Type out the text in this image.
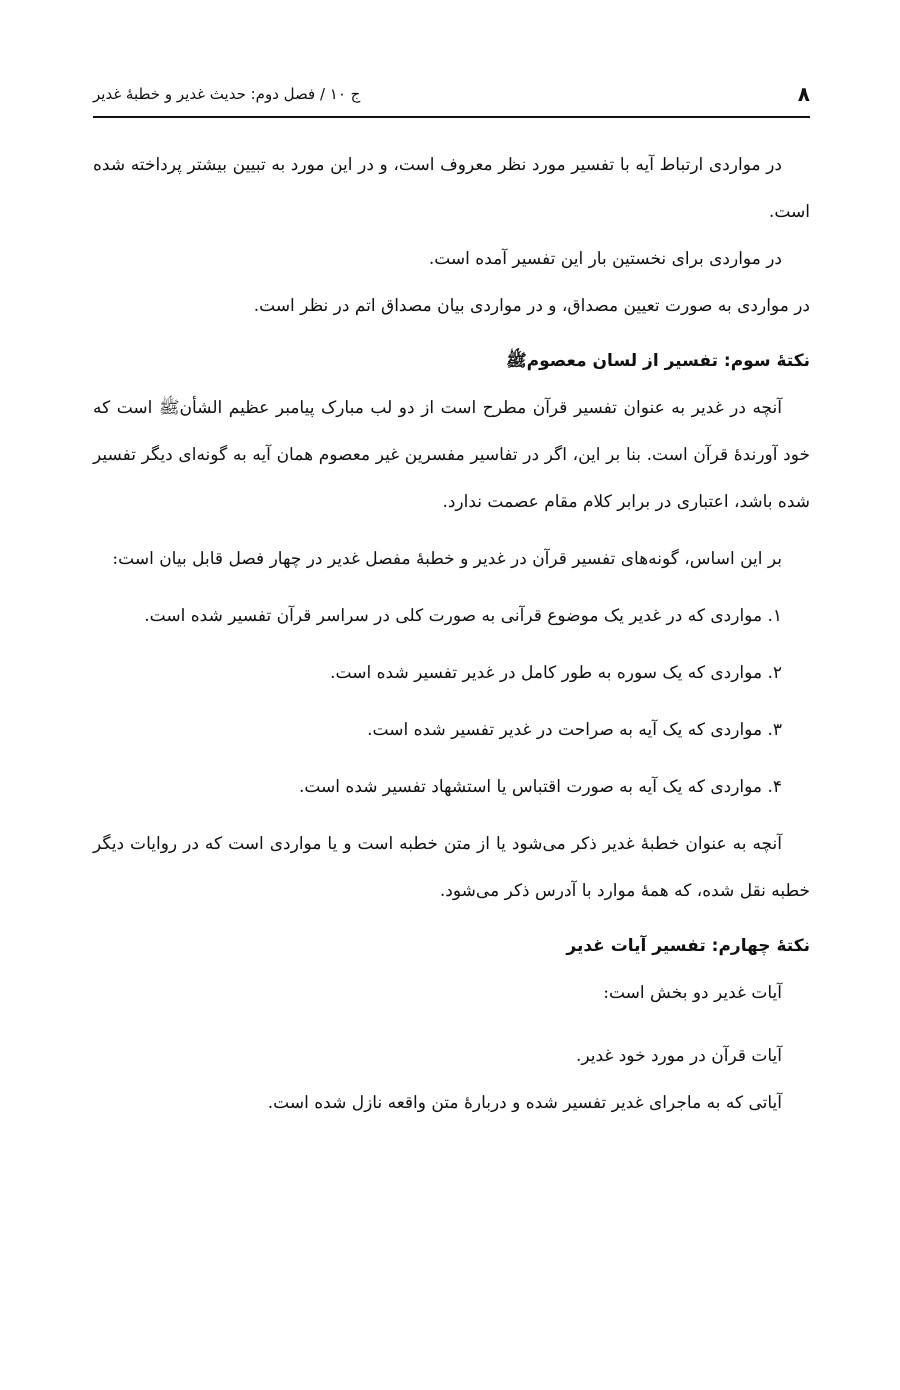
۸
ج ۱۰ / فصل دوم: حدیث غدیر و خطبهٔ غدیر

در مواردی ارتباط آیه با تفسیر مورد نظر معروف است، و در این مورد به تبیین بیشتر پرداخته شده است.

در مواردی برای نخستین بار این تفسیر آمده است.

در مواردی به صورت تعیین مصداق، و در مواردی بیان مصداق اتم در نظر است.

نکتهٔ سوم: تفسیر از لسان معصومﷺ

آنچه در غدیر به عنوان تفسیر قرآن مطرح است از دو لب مبارک پیامبر عظیم الشأنﷺ است که خود آورندهٔ قرآن است. بنا بر این، اگر در تفاسیر مفسرین غیر معصوم همان آیه به گونه‌ای دیگر تفسیر شده باشد، اعتباری در برابر کلام مقام عصمت ندارد.

بر این اساس، گونه‌های تفسیر قرآن در غدیر و خطبهٔ مفصل غدیر در چهار فصل قابل بیان است:

۱. مواردی که در غدیر یک موضوع قرآنی به صورت کلی در سراسر قرآن تفسیر شده است.

۲. مواردی که یک سوره به طور کامل در غدیر تفسیر شده است.

۳. مواردی که یک آیه به صراحت در غدیر تفسیر شده است.

۴. مواردی که یک آیه به صورت اقتباس یا استشهاد تفسیر شده است.

آنچه به عنوان خطبهٔ غدیر ذکر می‌شود یا از متن خطبه است و یا مواردی است که در روایات دیگر خطبه نقل شده، که همهٔ موارد با آدرس ذکر می‌شود.

نکتهٔ چهارم: تفسیر آیات غدیر

آیات غدیر دو بخش است:

آیات قرآن در مورد خود غدیر.

آیاتی که به ماجرای غدیر تفسیر شده و دربارهٔ متن واقعه نازل شده است.
